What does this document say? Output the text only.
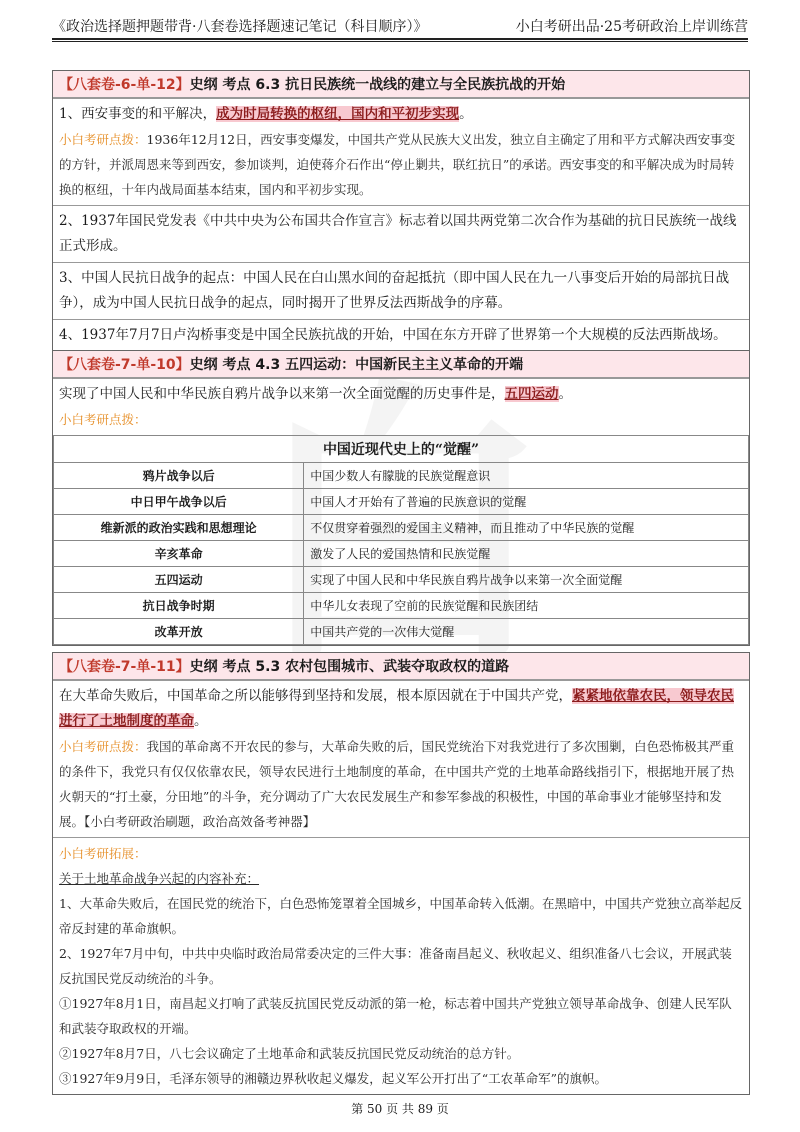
《政治选择题押题带背·八套卷选择题速记笔记（科目顺序）》	小白考研出品·25考研政治上岸训练营
【八套卷-6-单-12】史纲 考点 6.3 抗日民族统一战线的建立与全民族抗战的开始
1、西安事变的和平解决，成为时局转换的枢纽，国内和平初步实现。
小白考研点拨：1936年12月12日，西安事变爆发，中国共产党从民族大义出发，独立自主确定了用和平方式解决西安事变的方针，并派周恩来等到西安，参加谈判，迫使蒋介石作出“停止剿共，联红抗日”的承诺。西安事变的和平解决成为时局转换的枢纽，十年内战局面基本结束，国内和平初步实现。
2、1937年国民党发表《中共中央为公布国共合作宣言》标志着以国共两党第二次合作为基础的抗日民族统一战线正式形成。
3、中国人民抗日战争的起点：中国人民在白山黑水间的奋起抵抗（即中国人民在九一八事变后开始的局部抗日战争），成为中国人民抗日战争的起点，同时揭开了世界反法西斯战争的序幕。
4、1937年7月7日卢沟桥事变是中国全民族抗战的开始，中国在东方开辟了世界第一个大规模的反法西斯战场。
【八套卷-7-单-10】史纲 考点 4.3 五四运动：中国新民主主义革命的开端
实现了中国人民和中华民族自鸦片战争以来第一次全面觉醒的历史事件是，五四运动。
小白考研点拨：
中国近现代史上的“觉醒”	
鸦片战争以后	中国少数人有朦胧的民族觉醒意识
中日甲午战争以后	中国人才开始有了普遍的民族意识的觉醒
维新派的政治实践和思想理论	不仅贯穿着强烈的爱国主义精神，而且推动了中华民族的觉醒
辛亥革命	激发了人民的爱国热情和民族觉醒
五四运动	实现了中国人民和中华民族自鸦片战争以来第一次全面觉醒
抗日战争时期	中华儿女表现了空前的民族觉醒和民族团结
改革开放	中国共产党的一次伟大觉醒
【八套卷-7-单-11】史纲 考点 5.3 农村包围城市、武装夺取政权的道路
在大革命失败后，中国革命之所以能够得到坚持和发展，根本原因就在于中国共产党，紧紧地依靠农民，领导农民进行了土地制度的革命。
小白考研点拨：我国的革命离不开农民的参与，大革命失败的后，国民党统治下对我党进行了多次围剿，白色恐怖极其严重的条件下，我党只有仅仅依靠农民，领导农民进行土地制度的革命，在中国共产党的土地革命路线指引下，根据地开展了热火朝天的“打土豪，分田地”的斗争，充分调动了广大农民发展生产和参军参战的积极性，中国的革命事业才能够坚持和发展。【小白考研政治刷题，政治高效备考神器】
小白考研拓展：
关于土地革命战争兴起的内容补充：
1、大革命失败后，在国民党的统治下，白色恐怖笼罩着全国城乡，中国革命转入低潮。在黑暗中，中国共产党独立高举起反帝反封建的革命旗帜。
2、1927年7月中旬，中共中央临时政治局常委决定的三件大事：准备南昌起义、秋收起义、组织准备八七会议，开展武装反抗国民党反动统治的斗争。
①1927年8月1日，南昌起义打响了武装反抗国民党反动派的第一枪，标志着中国共产党独立领导革命战争、创建人民军队和武装夺取政权的开端。
②1927年8月7日，八七会议确定了土地革命和武装反抗国民党反动统治的总方针。
③1927年9月9日，毛泽东领导的湘赣边界秋收起义爆发，起义军公开打出了“工农革命军”的旗帜。
第 50 页 共 89 页
